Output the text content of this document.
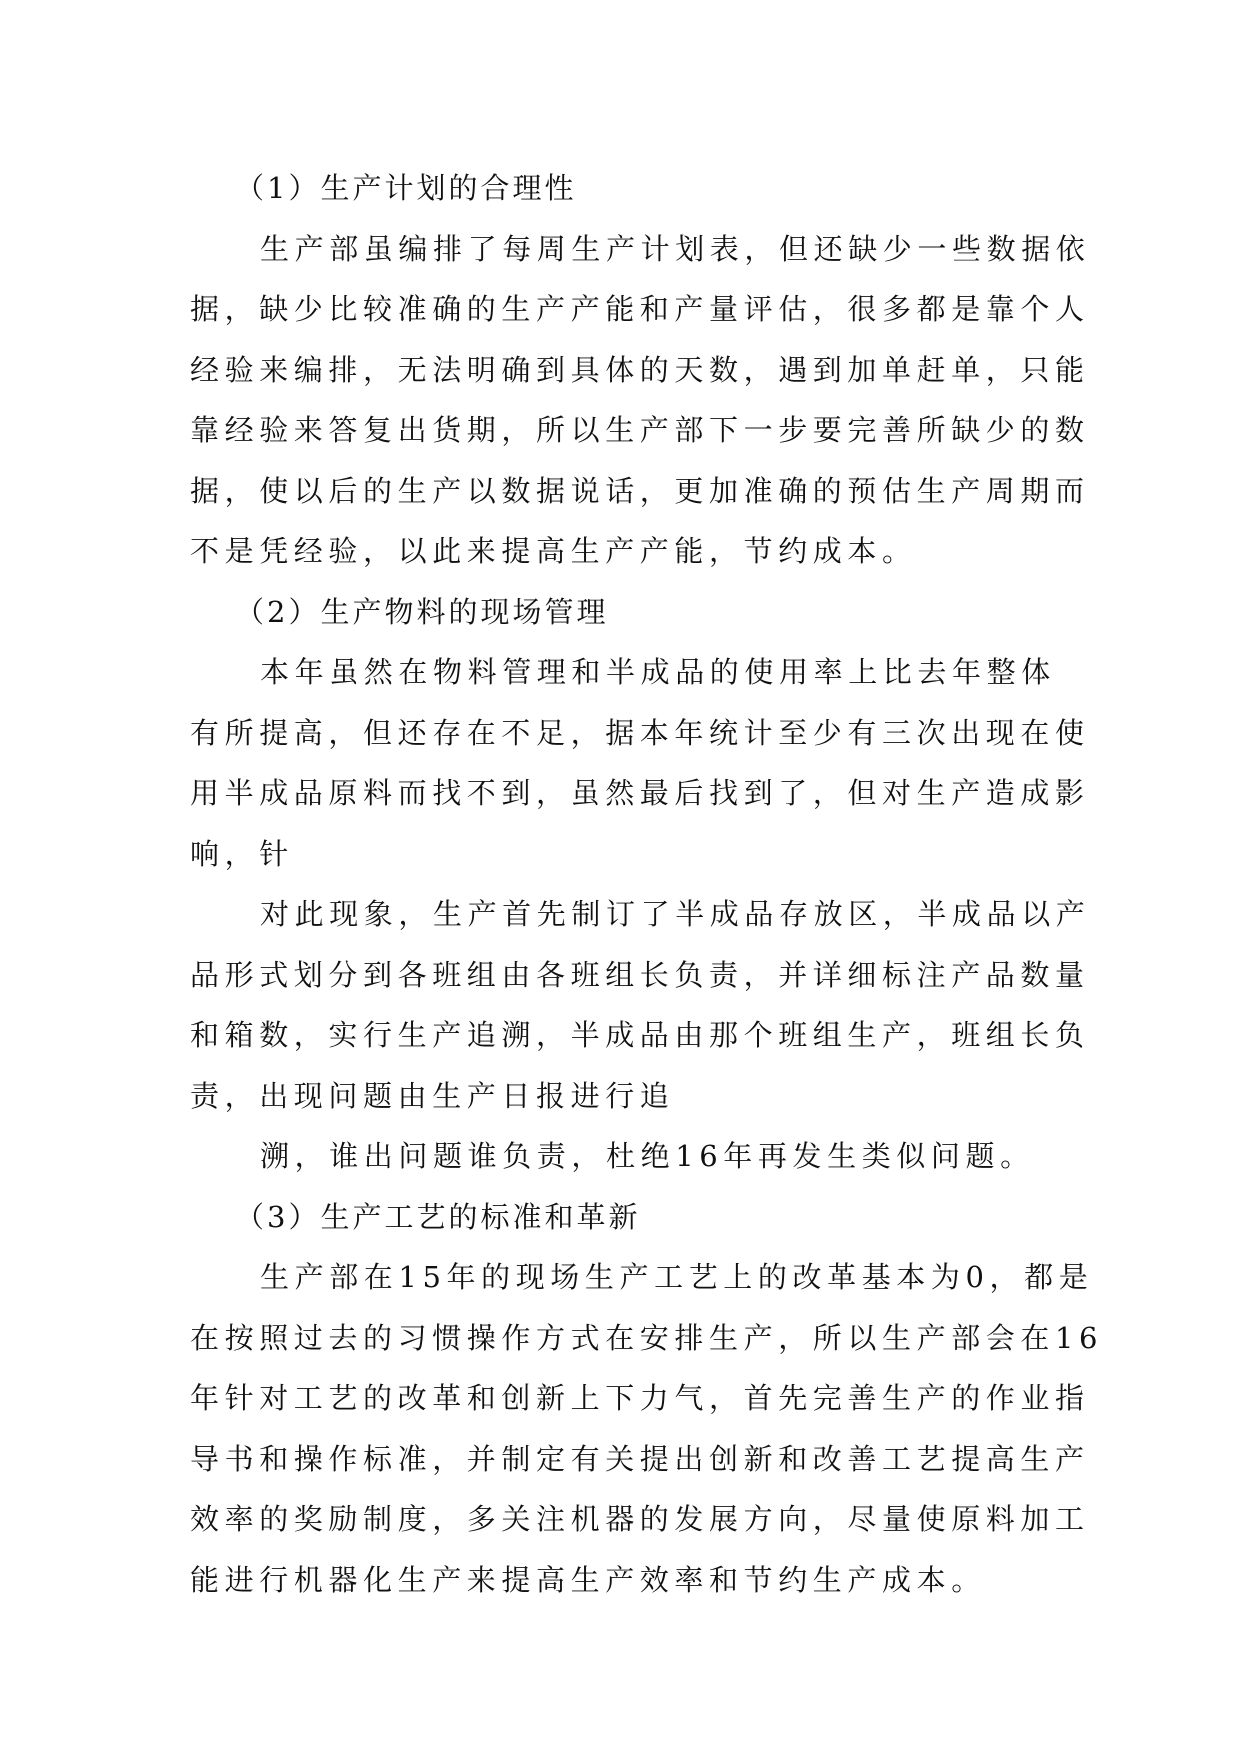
（1）生产计划的合理性
生产部虽编排了每周生产计划表，但还缺少一些数据依
据，缺少比较准确的生产产能和产量评估，很多都是靠个人
经验来编排，无法明确到具体的天数，遇到加单赶单，只能
靠经验来答复出货期，所以生产部下一步要完善所缺少的数
据，使以后的生产以数据说话，更加准确的预估生产周期而
不是凭经验，以此来提高生产产能，节约成本。
（2）生产物料的现场管理
本年虽然在物料管理和半成品的使用率上比去年整体
有所提高，但还存在不足，据本年统计至少有三次出现在使
用半成品原料而找不到，虽然最后找到了，但对生产造成影
响，针
对此现象，生产首先制订了半成品存放区，半成品以产
品形式划分到各班组由各班组长负责，并详细标注产品数量
和箱数，实行生产追溯，半成品由那个班组生产，班组长负
责，出现问题由生产日报进行追
溯，谁出问题谁负责，杜绝16年再发生类似问题。
（3）生产工艺的标准和革新
生产部在15年的现场生产工艺上的改革基本为0，都是
在按照过去的习惯操作方式在安排生产，所以生产部会在16
年针对工艺的改革和创新上下力气，首先完善生产的作业指
导书和操作标准，并制定有关提出创新和改善工艺提高生产
效率的奖励制度，多关注机器的发展方向，尽量使原料加工
能进行机器化生产来提高生产效率和节约生产成本。
